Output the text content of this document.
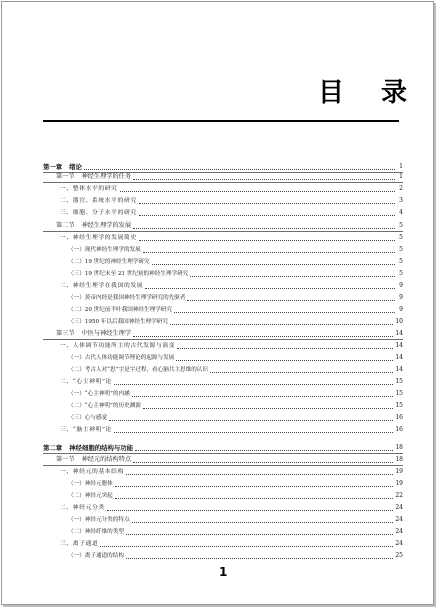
目 录
第一章 绪论	1
第一节 神经生理学的任务	1
一、整体水平的研究	2
二、器官、系统水平的研究	3
三、细胞、分子水平的研究	4
第二节 神经生理学的发展	5
一、神经生理学的发展简史	5
（一）现代神经生理学的发展	5
（二）19 世纪的神经生理学研究	5
（三）19 世纪末至 21 世纪初的神经生理学研究	5
二、神经生理学在我国的发展	9
（一）黄帝内经是我国神经生理学研究的先驱者	9
（二）20 世纪前半叶我国神经生理学研究	9
（三）1950 年以后我国神经生理学研究	10
第三节 中医与神经生理学	14
一、人体调节功能所主的古代发源与演变	14
（一）古代人体功能调节理论的起源与发展	14
（二）考古人对“思”字是字过程，看心脑共主思维的认识	14
二、“心主神明”论	15
（一）“心主神明”的内涵	15
（二）“心主神明”的历史渊源	15
（三）心与感觉	16
三、“脑主神明”论	16
第二章 神经细胞的结构与功能	18
第一节 神经元的结构特点	18
一、神经元的基本结构	19
（一）神经元胞体	19
（二）神经元突起	22
二、神经元分类	24
（一）神经元分类的特点	24
（二）神经纤维的类型	24
三、离子通道	24
（一）离子通道的结构	25
1
